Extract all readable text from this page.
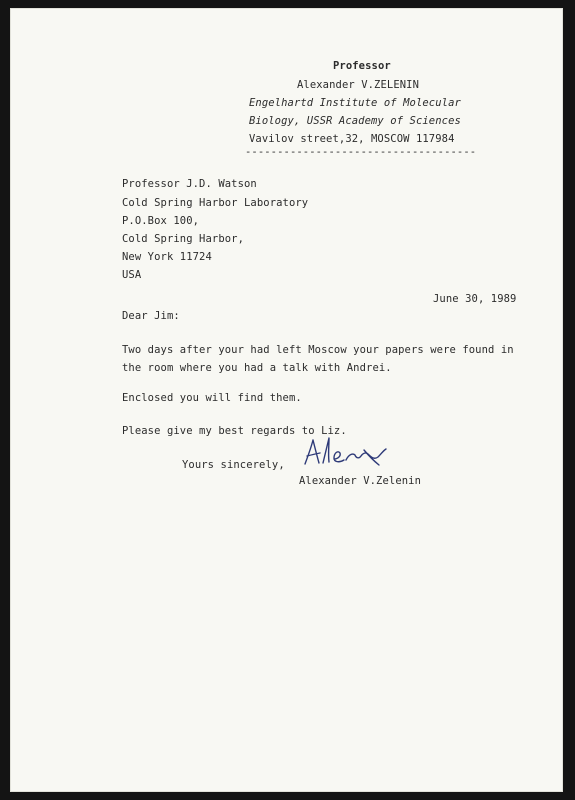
Professor
Alexander V.ZELENIN
Engelhartd Institute of Molecular
Biology, USSR Academy of Sciences
Vavilov street,32, MOSCOW 117984
------------------------------------
Professor J.D. Watson
Cold Spring Harbor Laboratory
P.O.Box 100,
Cold Spring Harbor,
New York 11724
USA
June 30, 1989
Dear Jim:
Two days after your had left Moscow your papers were found in
the room where you had a talk with Andrei.
Enclosed you will find them.
Please give my best regards to Liz.
Yours sincerely,
Alexander V.Zelenin
